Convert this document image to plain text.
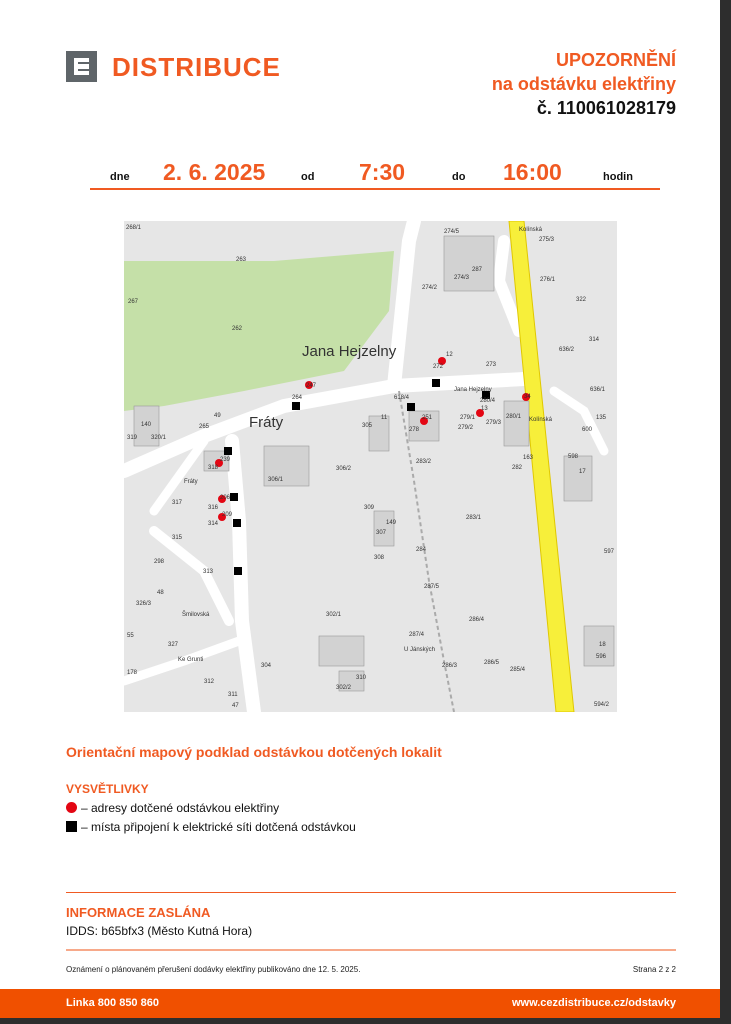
DISTRIBUCE	UPOZORNĚNÍ
na odstávku elektřiny
č. 110061028179
dne 2. 6. 2025	od 7:30	do 16:00	hodin
268/1
263
267
262
Fráty
Fráty
Jana Hejzelny
Jana Hejzelny
Kolínská
Kolínská
274/5
287
274/3
274/2
275/3
276/1
322
314
12
272	273
247
264	618/4
251
13
280/4
34
280/1	135
49
265
140
319 320/1
239
318
306/1
306/2
305
11
278
283/2
163
17
598
206
316
209
314
317
315
309
149
307
308
284
283/1
597
298
313
48
326/3
302/1
287/5
286/4
287/4
55
178
304
327
Ke Grunti
312
311
47
310
302/2
286/3	286/5
285/4
18
596
594/2
U Jánských
Šmilovská
636/2
636/1
600
282
279/1
279/2
279/3
Orientační mapový podklad odstávkou dotčených lokalit
VYSVĚTLIVKY
– adresy dotčené odstávkou elektřiny
– místa připojení k elektrické síti dotčená odstávkou
INFORMACE ZASLÁNA
IDDS: b65bfx3 (Město Kutná Hora)
Oznámení o plánovaném přerušení dodávky elektřiny publikováno dne 12. 5. 2025.	Strana 2 z 2
Linka 800 850 860	www.cezdistribuce.cz/odstavky
